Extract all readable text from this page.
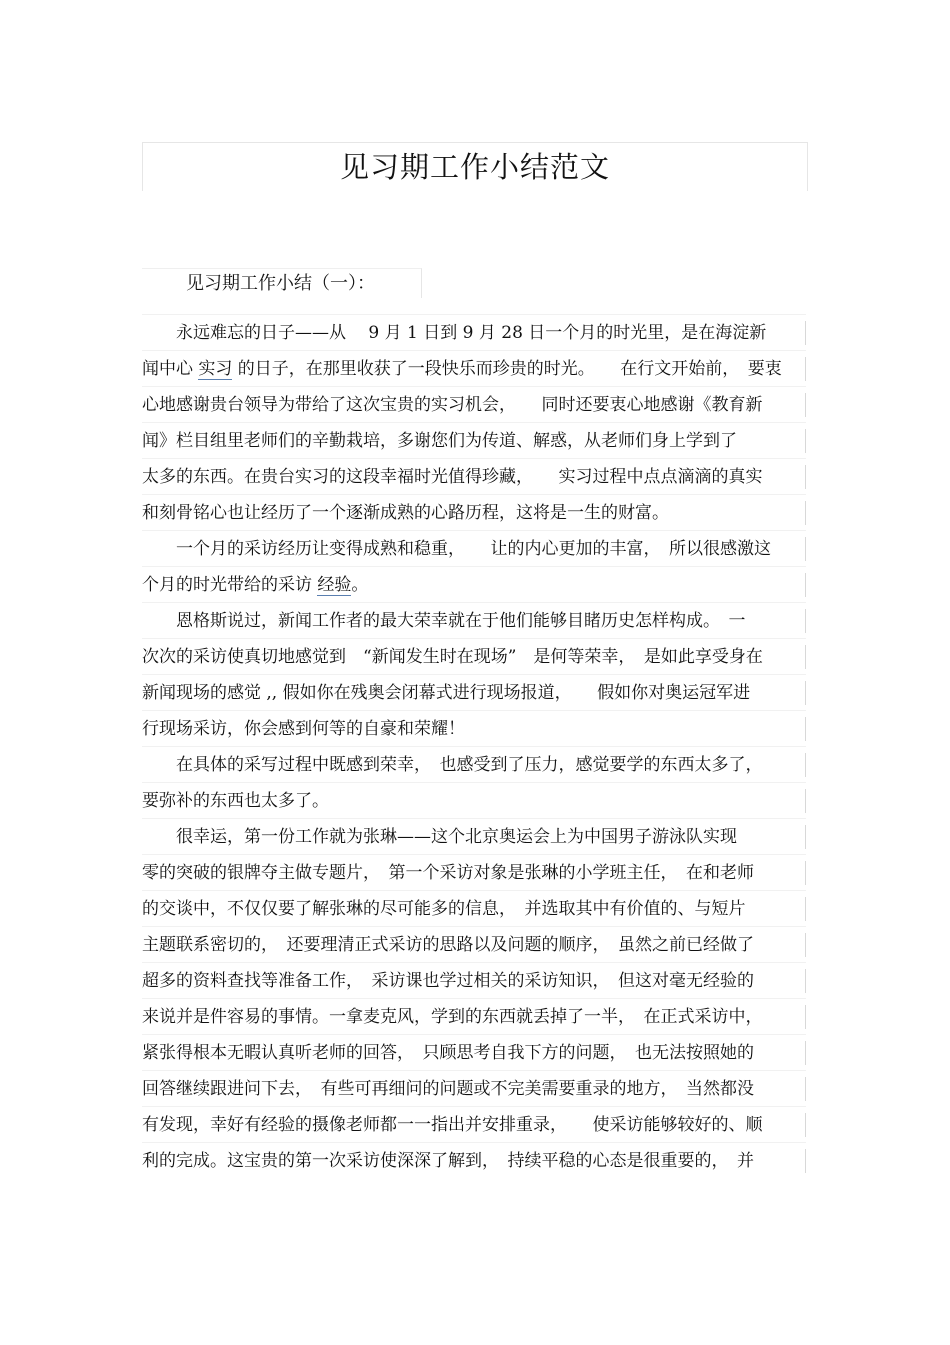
见习期工作小结范文
见习期工作小结（一）：
　　永远难忘的日子——从 　9 月 1 日到 9 月 28 日一个月的时光里，是在海淀新
闻中心 实习 的日子，在那里收获了一段快乐而珍贵的时光。　　在行文开始前，　要衷
心地感谢贵台领导为带给了这次宝贵的实习机会，　　同时还要衷心地感谢《教育新
闻》栏目组里老师们的辛勤栽培，多谢您们为传道、解惑，从老师们身上学到了
太多的东西。在贵台实习的这段幸福时光值得珍藏，　　实习过程中点点滴滴的真实
和刻骨铭心也让经历了一个逐渐成熟的心路历程，这将是一生的财富。
　　一个月的采访经历让变得成熟和稳重，　　让的内心更加的丰富，　所以很感激这
个月的时光带给的采访 经验。
　　恩格斯说过，新闻工作者的最大荣幸就在于他们能够目睹历史怎样构成。　一
次次的采访使真切地感觉到　“新闻发生时在现场”　是何等荣幸，　是如此享受身在
新闻现场的感觉 ,, 假如你在残奥会闭幕式进行现场报道，　　假如你对奥运冠军进
行现场采访，你会感到何等的自豪和荣耀！
　　在具体的采写过程中既感到荣幸，　也感受到了压力，感觉要学的东西太多了，
要弥补的东西也太多了。
　　很幸运，第一份工作就为张琳——这个北京奥运会上为中国男子游泳队实现
零的突破的银牌夺主做专题片，　第一个采访对象是张琳的小学班主任，　在和老师
的交谈中，不仅仅要了解张琳的尽可能多的信息，　并选取其中有价值的、与短片
主题联系密切的，　还要理清正式采访的思路以及问题的顺序，　虽然之前已经做了
超多的资料查找等准备工作，　采访课也学过相关的采访知识，　但这对毫无经验的
来说并是件容易的事情。一拿麦克风，学到的东西就丢掉了一半，　在正式采访中，
紧张得根本无暇认真听老师的回答，　只顾思考自我下方的问题，　也无法按照她的
回答继续跟进问下去，　有些可再细问的问题或不完美需要重录的地方，　当然都没
有发现，幸好有经验的摄像老师都一一指出并安排重录，　　使采访能够较好的、顺
利的完成。这宝贵的第一次采访使深深了解到，　持续平稳的心态是很重要的，　并
